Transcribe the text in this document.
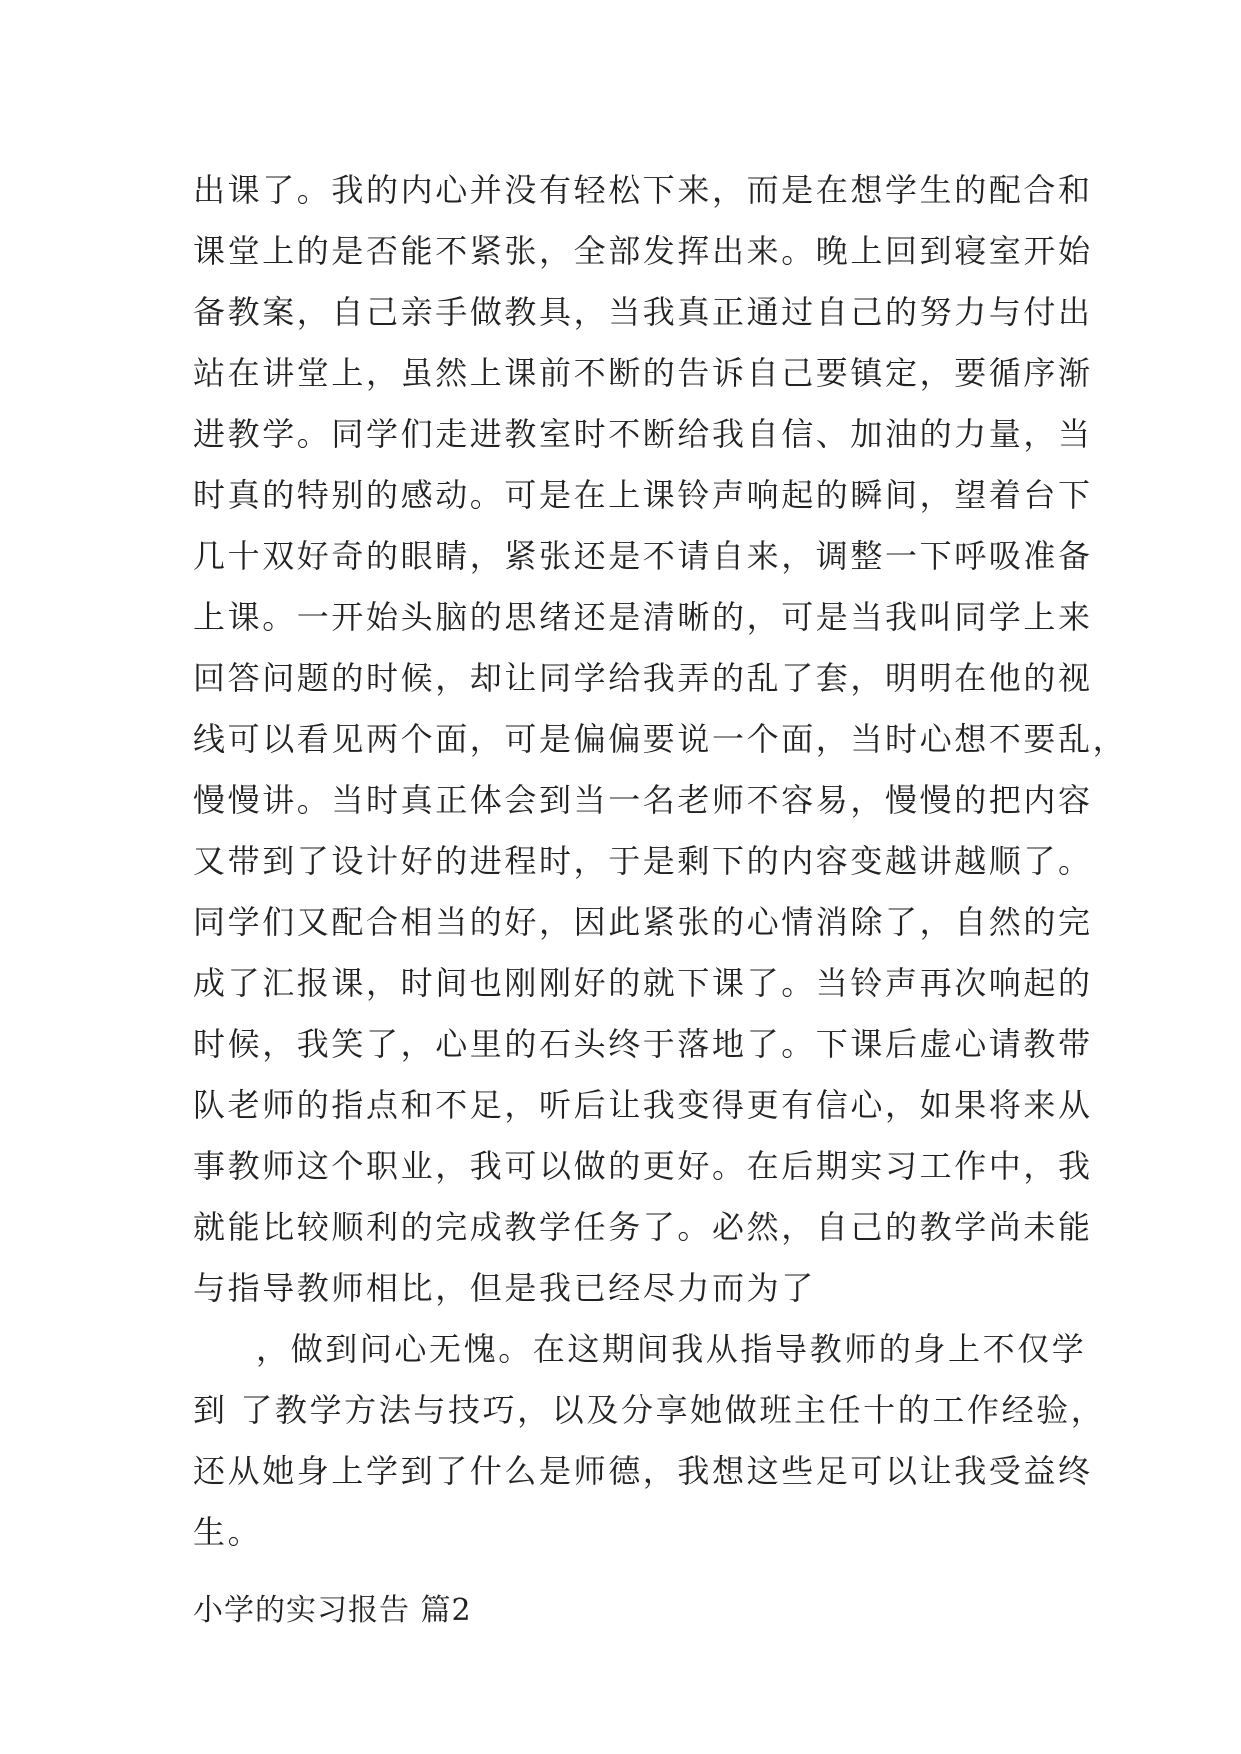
出课了。我的内心并没有轻松下来，而是在想学生的配合和
课堂上的是否能不紧张，全部发挥出来。晚上回到寝室开始
备教案，自己亲手做教具，当我真正通过自己的努力与付出
站在讲堂上，虽然上课前不断的告诉自己要镇定，要循序渐
进教学。同学们走进教室时不断给我自信、加油的力量，当
时真的特别的感动。可是在上课铃声响起的瞬间，望着台下
几十双好奇的眼睛，紧张还是不请自来，调整一下呼吸准备
上课。一开始头脑的思绪还是清晰的，可是当我叫同学上来
回答问题的时候，却让同学给我弄的乱了套，明明在他的视
线可以看见两个面，可是偏偏要说一个面，当时心想不要乱，
慢慢讲。当时真正体会到当一名老师不容易，慢慢的把内容
又带到了设计好的进程时，于是剩下的内容变越讲越顺了。
同学们又配合相当的好，因此紧张的心情消除了，自然的完
成了汇报课，时间也刚刚好的就下课了。当铃声再次响起的
时候，我笑了，心里的石头终于落地了。下课后虚心请教带
队老师的指点和不足，听后让我变得更有信心，如果将来从
事教师这个职业，我可以做的更好。在后期实习工作中，我
就能比较顺利的完成教学任务了。必然，自己的教学尚未能
与指导教师相比，但是我已经尽力而为了
，做到问心无愧。在这期间我从指导教师的身上不仅学
到 了教学方法与技巧，以及分享她做班主任十的工作经验，
还从她身上学到了什么是师德，我想这些足可以让我受益终
生。
小学的实习报告 篇2
